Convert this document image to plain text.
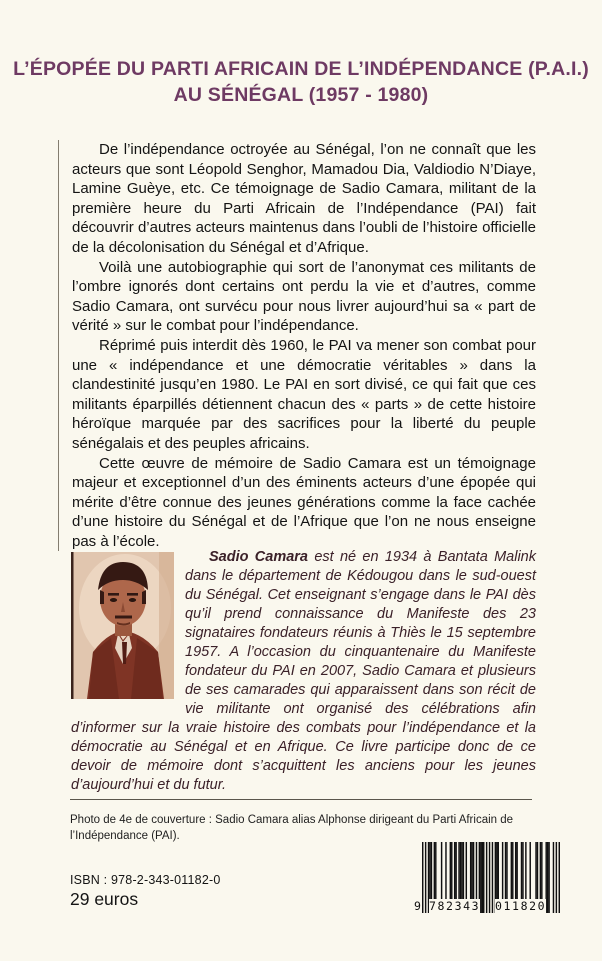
L’ÉPOPÉE DU PARTI AFRICAIN DE L’INDÉPENDANCE (P.A.I.)
AU SÉNÉGAL (1957 - 1980)

De l’indépendance octroyée au Sénégal, l’on ne connaît que les acteurs que sont Léopold Senghor, Mamadou Dia, Valdiodio N’Diaye, Lamine Guèye, etc. Ce témoignage de Sadio Camara, militant de la première heure du Parti Africain de l’Indépendance (PAI) fait découvrir d’autres acteurs maintenus dans l’oubli de l’histoire officielle de la décolonisation du Sénégal et d’Afrique.

Voilà une autobiographie qui sort de l’anonymat ces militants de l’ombre ignorés dont certains ont perdu la vie et d’autres, comme Sadio Camara, ont survécu pour nous livrer aujourd’hui sa « part de vérité » sur le combat pour l’indépendance.

Réprimé puis interdit dès 1960, le PAI va mener son combat pour une « indépendance et une démocratie véritables » dans la clandestinité jusqu’en 1980. Le PAI en sort divisé, ce qui fait que ces militants éparpillés détiennent chacun des « parts » de cette histoire héroïque marquée par des sacrifices pour la liberté du peuple sénégalais et des peuples africains.

Cette œuvre de mémoire de Sadio Camara est un témoignage majeur et exceptionnel d’un des éminents acteurs d’une épopée qui mérite d’être connue des jeunes générations comme la face cachée d’une histoire du Sénégal et de l’Afrique que l’on ne nous enseigne pas à l’école.

Sadio Camara est né en 1934 à Bantata Malink dans le département de Kédougou dans le sud-ouest du Sénégal. Cet enseignant s’engage dans le PAI dès qu’il prend connaissance du Manifeste des 23 signataires fondateurs réunis à Thiès le 15 septembre 1957. A l’occasion du cinquantenaire du Manifeste fondateur du PAI en 2007, Sadio Camara et plusieurs de ses camarades qui apparaissent dans son récit de vie militante ont organisé des célébrations afin d’informer sur la vraie histoire des combats pour l’indépendance et la démocratie au Sénégal et en Afrique. Ce livre participe donc de ce devoir de mémoire dont s’acquittent les anciens pour les jeunes d’aujourd’hui et du futur.

Photo de 4e de couverture : Sadio Camara alias Alphonse dirigeant du Parti Africain de l’Indépendance (PAI).
ISBN : 978-2-343-01182-0
29 euros	9 782343 011820
